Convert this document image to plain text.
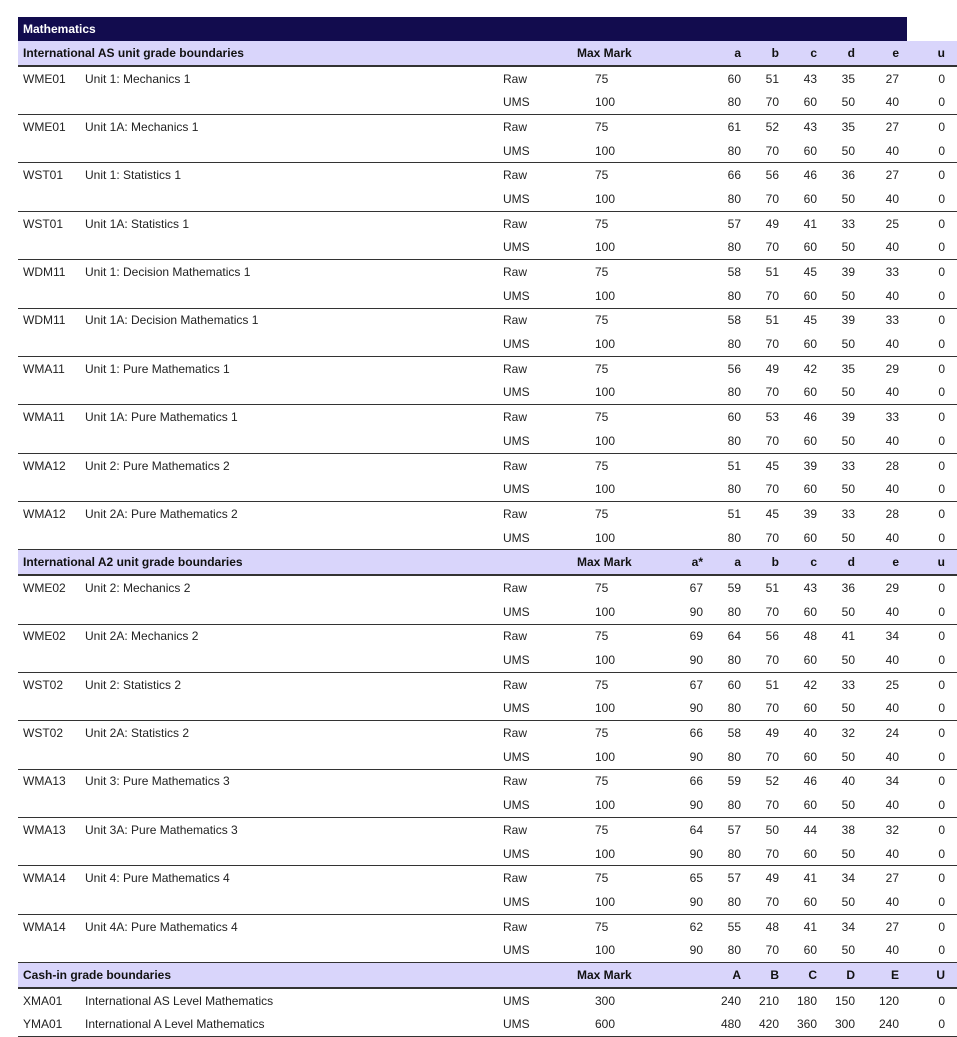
Mathematics
International AS unit grade boundaries			Max Mark			a	b	c	d	e	u
WME01	Unit 1: Mechanics 1	Raw	75			60	51	43	35	27	0
		UMS	100			80	70	60	50	40	0
WME01	Unit 1A: Mechanics 1	Raw	75			61	52	43	35	27	0
		UMS	100			80	70	60	50	40	0
WST01	Unit 1: Statistics 1	Raw	75			66	56	46	36	27	0
		UMS	100			80	70	60	50	40	0
WST01	Unit 1A: Statistics 1	Raw	75			57	49	41	33	25	0
		UMS	100			80	70	60	50	40	0
WDM11	Unit 1: Decision Mathematics 1	Raw	75			58	51	45	39	33	0
		UMS	100			80	70	60	50	40	0
WDM11	Unit 1A: Decision Mathematics 1	Raw	75			58	51	45	39	33	0
		UMS	100			80	70	60	50	40	0
WMA11	Unit 1: Pure Mathematics 1	Raw	75			56	49	42	35	29	0
		UMS	100			80	70	60	50	40	0
WMA11	Unit 1A: Pure Mathematics 1	Raw	75			60	53	46	39	33	0
		UMS	100			80	70	60	50	40	0
WMA12	Unit 2: Pure Mathematics 2	Raw	75			51	45	39	33	28	0
		UMS	100			80	70	60	50	40	0
WMA12	Unit 2A: Pure Mathematics 2	Raw	75			51	45	39	33	28	0
		UMS	100			80	70	60	50	40	0
International A2 unit grade boundaries			Max Mark		a*	a	b	c	d	e	u
WME02	Unit 2: Mechanics 2	Raw	75		67	59	51	43	36	29	0
		UMS	100		90	80	70	60	50	40	0
WME02	Unit 2A: Mechanics 2	Raw	75		69	64	56	48	41	34	0
		UMS	100		90	80	70	60	50	40	0
WST02	Unit 2: Statistics 2	Raw	75		67	60	51	42	33	25	0
		UMS	100		90	80	70	60	50	40	0
WST02	Unit 2A: Statistics 2	Raw	75		66	58	49	40	32	24	0
		UMS	100		90	80	70	60	50	40	0
WMA13	Unit 3: Pure Mathematics 3	Raw	75		66	59	52	46	40	34	0
		UMS	100		90	80	70	60	50	40	0
WMA13	Unit 3A: Pure Mathematics 3	Raw	75		64	57	50	44	38	32	0
		UMS	100		90	80	70	60	50	40	0
WMA14	Unit 4: Pure Mathematics 4	Raw	75		65	57	49	41	34	27	0
		UMS	100		90	80	70	60	50	40	0
WMA14	Unit 4A: Pure Mathematics 4	Raw	75		62	55	48	41	34	27	0
		UMS	100		90	80	70	60	50	40	0
Cash-in grade boundaries			Max Mark			A	B	C	D	E	U
XMA01	International AS Level Mathematics	UMS	300			240	210	180	150	120	0
YMA01	International A Level Mathematics	UMS	600			480	420	360	300	240	0
